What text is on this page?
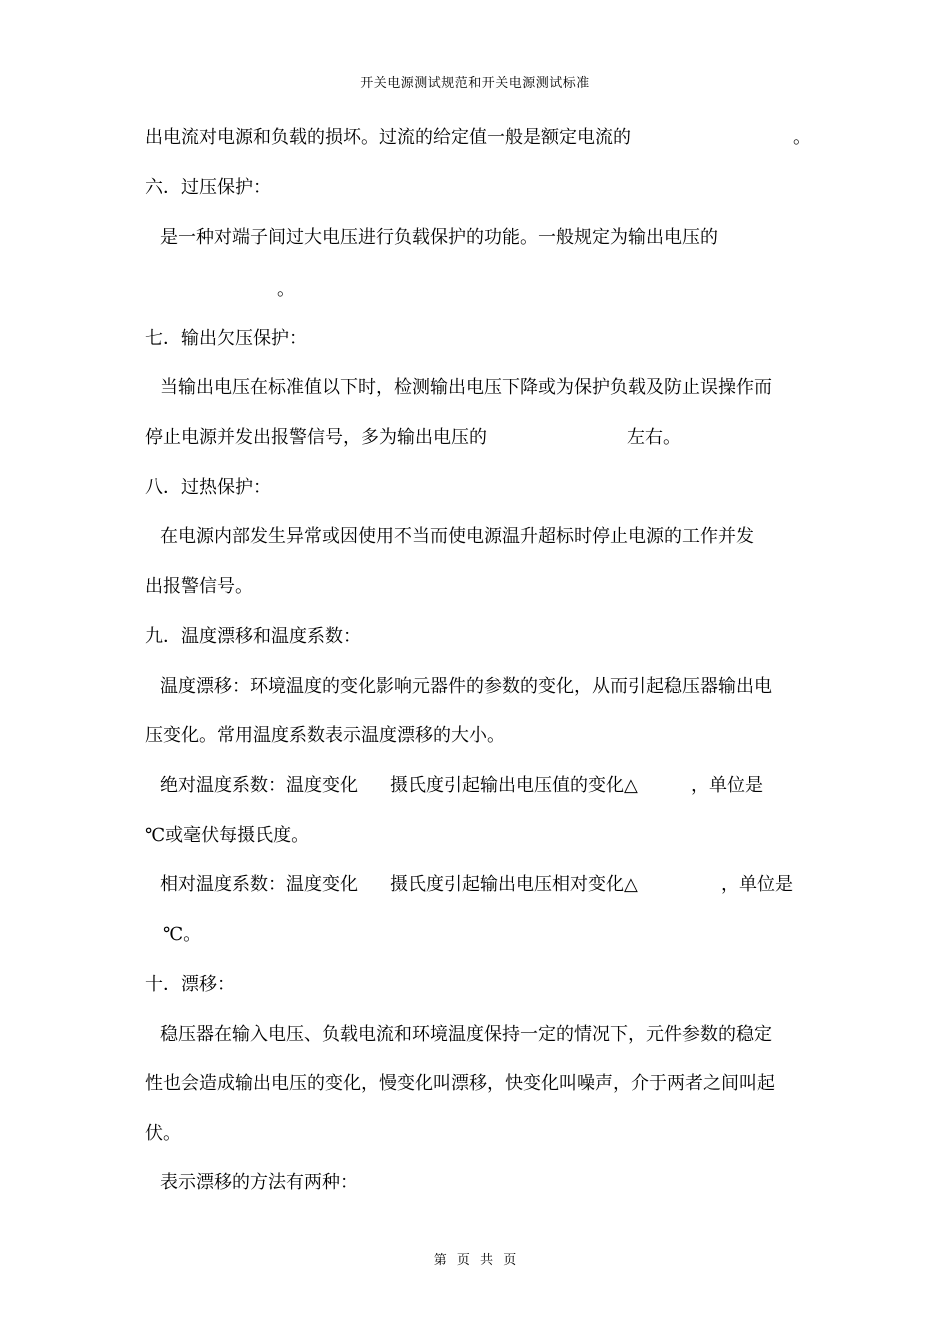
开关电源测试规范和开关电源测试标准
出电流对电源和负载的损坏。过流的给定值一般是额定电流的	。
六．过压保护：
是一种对端子间过大电压进行负载保护的功能。一般规定为输出电压的
。
七．输出欠压保护：
当输出电压在标准值以下时，检测输出电压下降或为保护负载及防止误操作而
停止电源并发出报警信号，多为输出电压的	左右。
八．过热保护：
在电源内部发生异常或因使用不当而使电源温升超标时停止电源的工作并发
出报警信号。
九．温度漂移和温度系数：
温度漂移：环境温度的变化影响元器件的参数的变化，从而引起稳压器输出电
压变化。常用温度系数表示温度漂移的大小。
绝对温度系数：温度变化 摄氏度引起输出电压值的变化△	，单位是
℃或毫伏每摄氏度。
相对温度系数：温度变化 摄氏度引起输出电压相对变化△	，单位是
℃。
十．漂移：
稳压器在输入电压、负载电流和环境温度保持一定的情况下，元件参数的稳定
性也会造成输出电压的变化，慢变化叫漂移，快变化叫噪声，介于两者之间叫起
伏。
表示漂移的方法有两种：
第 页 共 页
